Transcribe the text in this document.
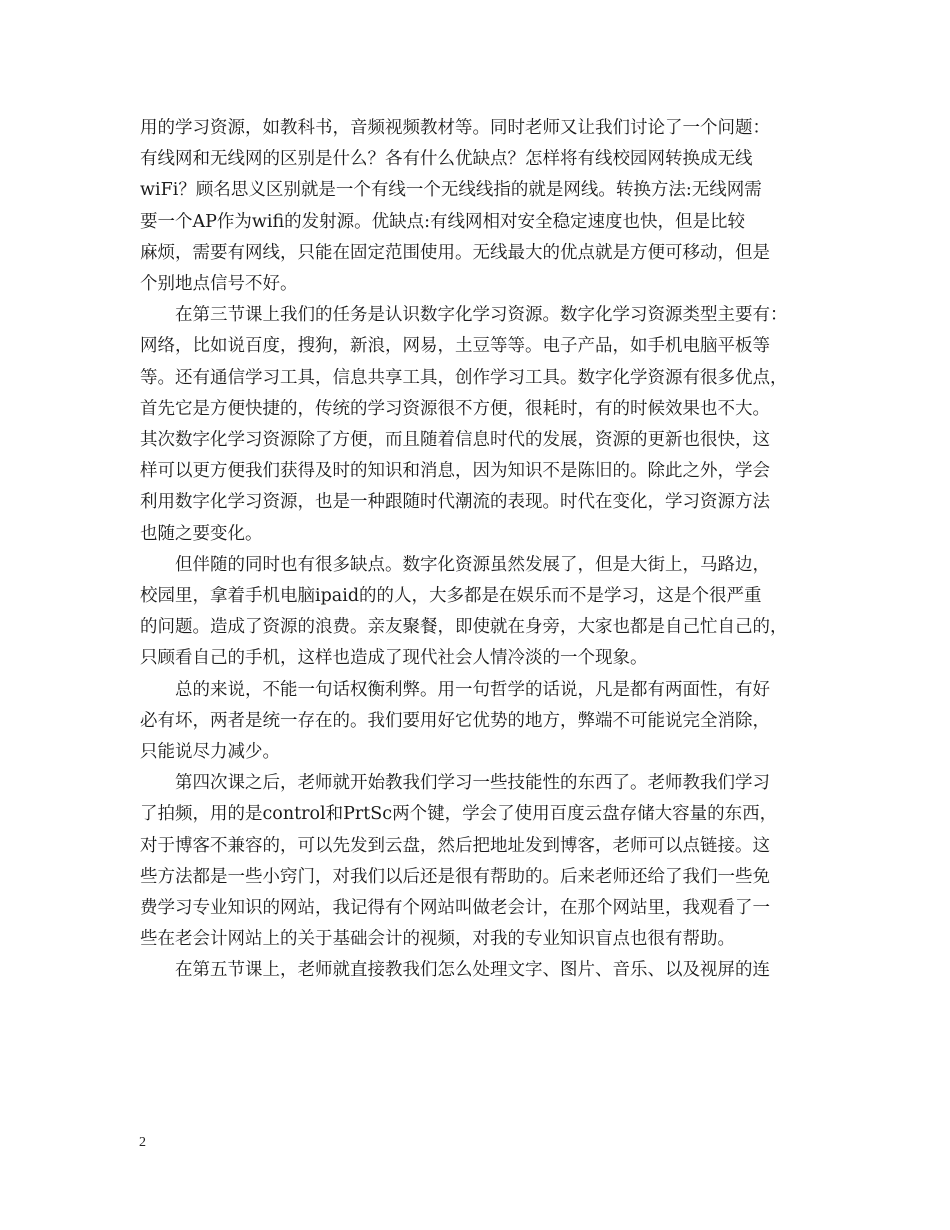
用的学习资源，如教科书，音频视频教材等。同时老师又让我们讨论了一个问题：
有线网和无线网的区别是什么？各有什么优缺点？怎样将有线校园网转换成无线
wiFi？顾名思义区别就是一个有线一个无线线指的就是网线。转换方法:无线网需
要一个AP作为wifi的发射源。优缺点:有线网相对安全稳定速度也快，但是比较
麻烦，需要有网线，只能在固定范围使用。无线最大的优点就是方便可移动，但是
个别地点信号不好。

在第三节课上我们的任务是认识数字化学习资源。数字化学习资源类型主要有：
网络，比如说百度，搜狗，新浪，网易，土豆等等。电子产品，如手机电脑平板等
等。还有通信学习工具，信息共享工具，创作学习工具。数字化学资源有很多优点，
首先它是方便快捷的，传统的学习资源很不方便，很耗时，有的时候效果也不大。
其次数字化学习资源除了方便，而且随着信息时代的发展，资源的更新也很快，这
样可以更方便我们获得及时的知识和消息，因为知识不是陈旧的。除此之外，学会
利用数字化学习资源，也是一种跟随时代潮流的表现。时代在变化，学习资源方法
也随之要变化。

但伴随的同时也有很多缺点。数字化资源虽然发展了，但是大街上，马路边，
校园里，拿着手机电脑ipaid的的人，大多都是在娱乐而不是学习，这是个很严重
的问题。造成了资源的浪费。亲友聚餐，即使就在身旁，大家也都是自己忙自己的，
只顾看自己的手机，这样也造成了现代社会人情冷淡的一个现象。

总的来说，不能一句话权衡利弊。用一句哲学的话说，凡是都有两面性，有好
必有坏，两者是统一存在的。我们要用好它优势的地方，弊端不可能说完全消除，
只能说尽力减少。

第四次课之后，老师就开始教我们学习一些技能性的东西了。老师教我们学习
了拍频，用的是control和PrtSc两个键，学会了使用百度云盘存储大容量的东西，
对于博客不兼容的，可以先发到云盘，然后把地址发到博客，老师可以点链接。这
些方法都是一些小窍门，对我们以后还是很有帮助的。后来老师还给了我们一些免
费学习专业知识的网站，我记得有个网站叫做老会计，在那个网站里，我观看了一
些在老会计网站上的关于基础会计的视频，对我的专业知识盲点也很有帮助。

在第五节课上，老师就直接教我们怎么处理文字、图片、音乐、以及视屏的连

2
